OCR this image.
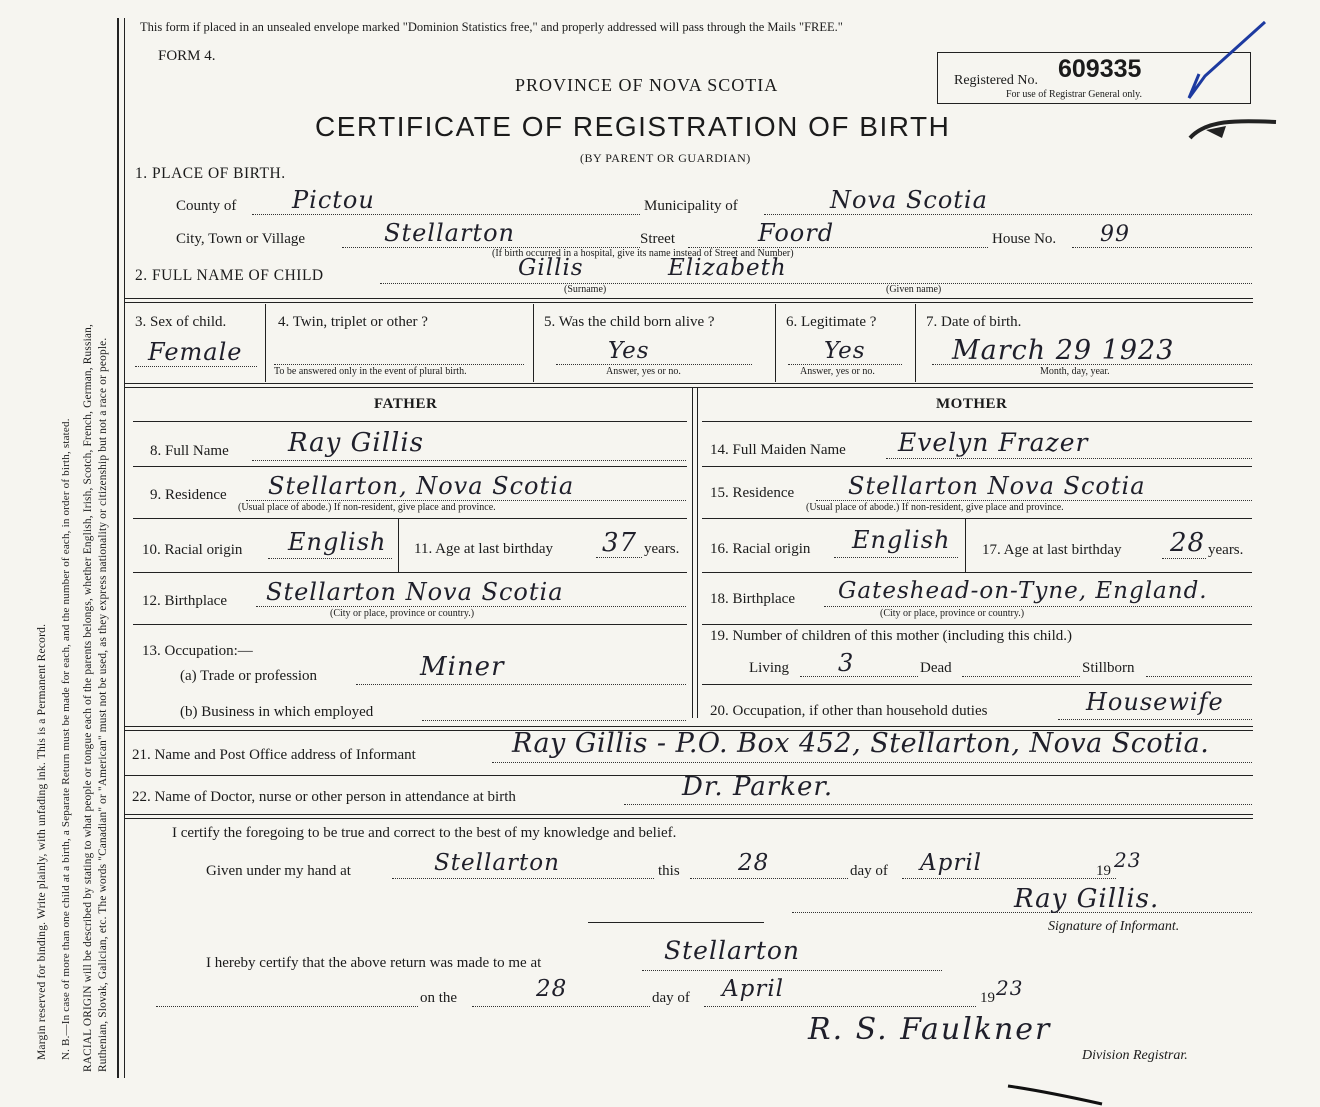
Margin reserved for binding. Write plainly, with unfading ink. This is a Permanent Record. N. B.—In case of more than one child at a birth, a Separate Return must be made for each, and the number of each, in order of birth, stated. RACIAL ORIGIN will be described by stating to what people or tongue each of the parents belongs, whether English, Irish, Scotch, French, German, Russian, Ruthenian, Slovak, Galician, etc. The words "Canadian" or "American" must not be used, as they express nationality or citizenship but not a race or people.
This form if placed in an unsealed envelope marked "Dominion Statistics free," and properly addressed will pass through the Mails "FREE."
FORM 4.
PROVINCE OF NOVA SCOTIA
CERTIFICATE OF REGISTRATION OF BIRTH
(BY PARENT OR GUARDIAN)
Registered No. 609335
For use of Registrar General only.
1. PLACE OF BIRTH.
County of Pictou	Municipality of	Nova Scotia
City, Town or Village	Stellarton	Street	Foord	House No. 99
(If birth occurred in a hospital, give its name instead of Street and Number)
2. FULL NAME OF CHILD	Gillis	Elizabeth
(Surname)	(Given name)
3. Sex of child.
Female
4. Twin, triplet or other ?
To be answered only in the event of plural birth.
5. Was the child born alive ?
Yes
Answer, yes or no.
6. Legitimate ?
Yes
Answer, yes or no.
7. Date of birth.
March 29 1923
Month, day, year.
FATHER
8. Full Name Ray Gillis
9. Residence Stellarton, Nova Scotia
(Usual place of abode.) If non-resident, give place and province.
10. Racial origin English 11. Age at last birthday 37 years.
12. Birthplace Stellarton Nova Scotia
(City or place, province or country.)
13. Occupation:—
(a) Trade or profession	Miner
(b) Business in which employed
MOTHER
14. Full Maiden Name Evelyn Frazer
15. Residence Stellarton Nova Scotia
(Usual place of abode.) If non-resident, give place and province.
16. Racial origin English 17. Age at last birthday 28 years.
18. Birthplace Gateshead-on-Tyne, England.
(City or place, province or country.)
19. Number of children of this mother (including this child.)
Living 3	Dead	Stillborn
20. Occupation, if other than household duties	Housewife
21. Name and Post Office address of Informant	Ray Gillis - P.O. Box 452, Stellarton, Nova Scotia.
22. Name of Doctor, nurse or other person in attendance at birth	Dr. Parker.
I certify the foregoing to be true and correct to the best of my knowledge and belief.
Given under my hand at	Stellarton	this	28	day of April	19 23
Ray Gillis.
Signature of Informant.
I hereby certify that the above return was made to me at	Stellarton
on the	28	day of April	19 23
R. S. Faulkner
Division Registrar.
